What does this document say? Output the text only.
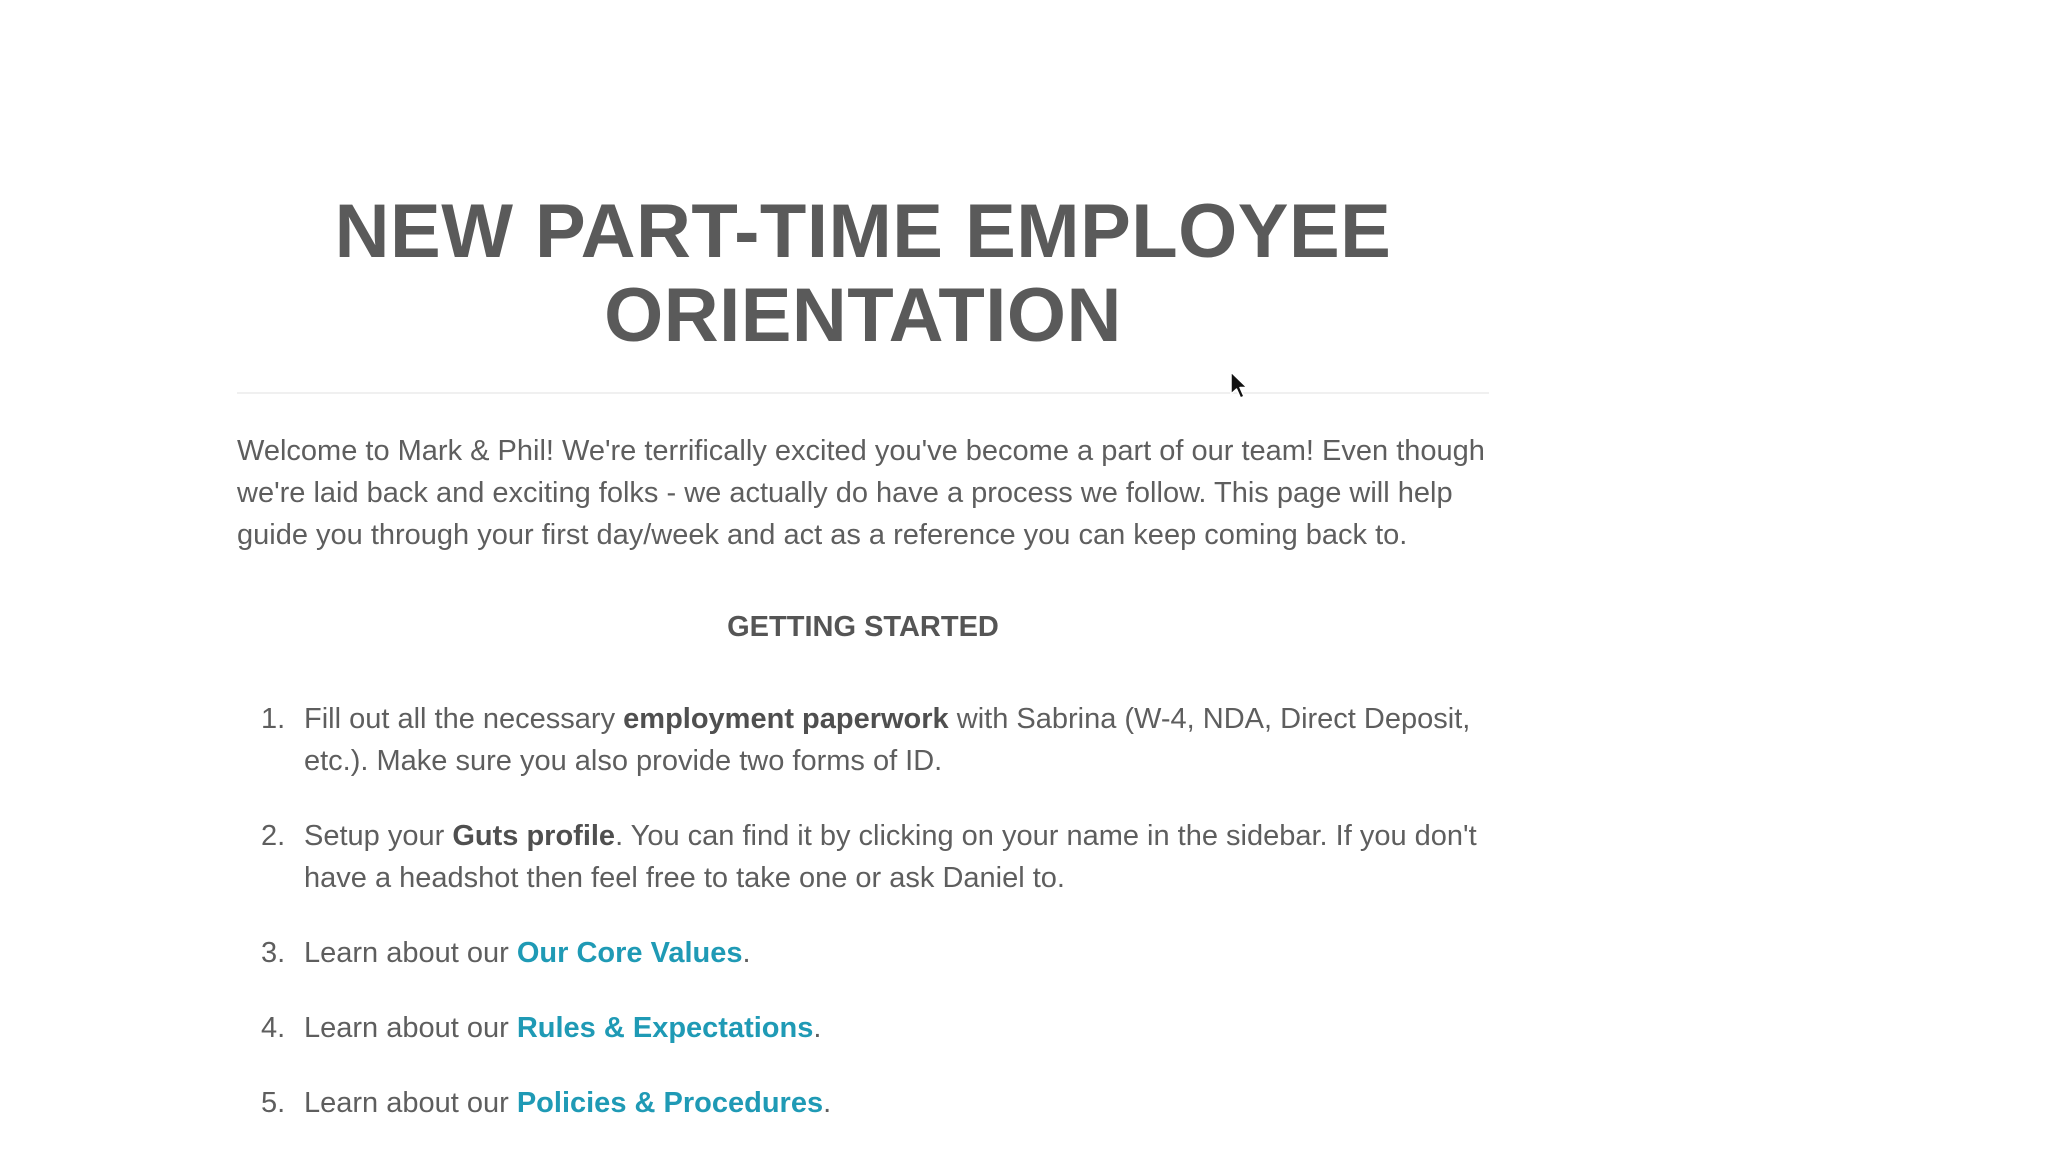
NEW PART-TIME EMPLOYEE
ORIENTATION

Welcome to Mark & Phil! We're terrifically excited you've become a part of our team! Even though we're laid back and exciting folks - we actually do have a process we follow. This page will help guide you through your first day/week and act as a reference you can keep coming back to.

GETTING STARTED
1. Fill out all the necessary employment paperwork with Sabrina (W-4, NDA, Direct Deposit, etc.). Make sure you also provide two forms of ID.
2. Setup your Guts profile. You can find it by clicking on your name in the sidebar. If you don't have a headshot then feel free to take one or ask Daniel to.
3. Learn about our Our Core Values.
4. Learn about our Rules & Expectations.
5. Learn about our Policies & Procedures.
